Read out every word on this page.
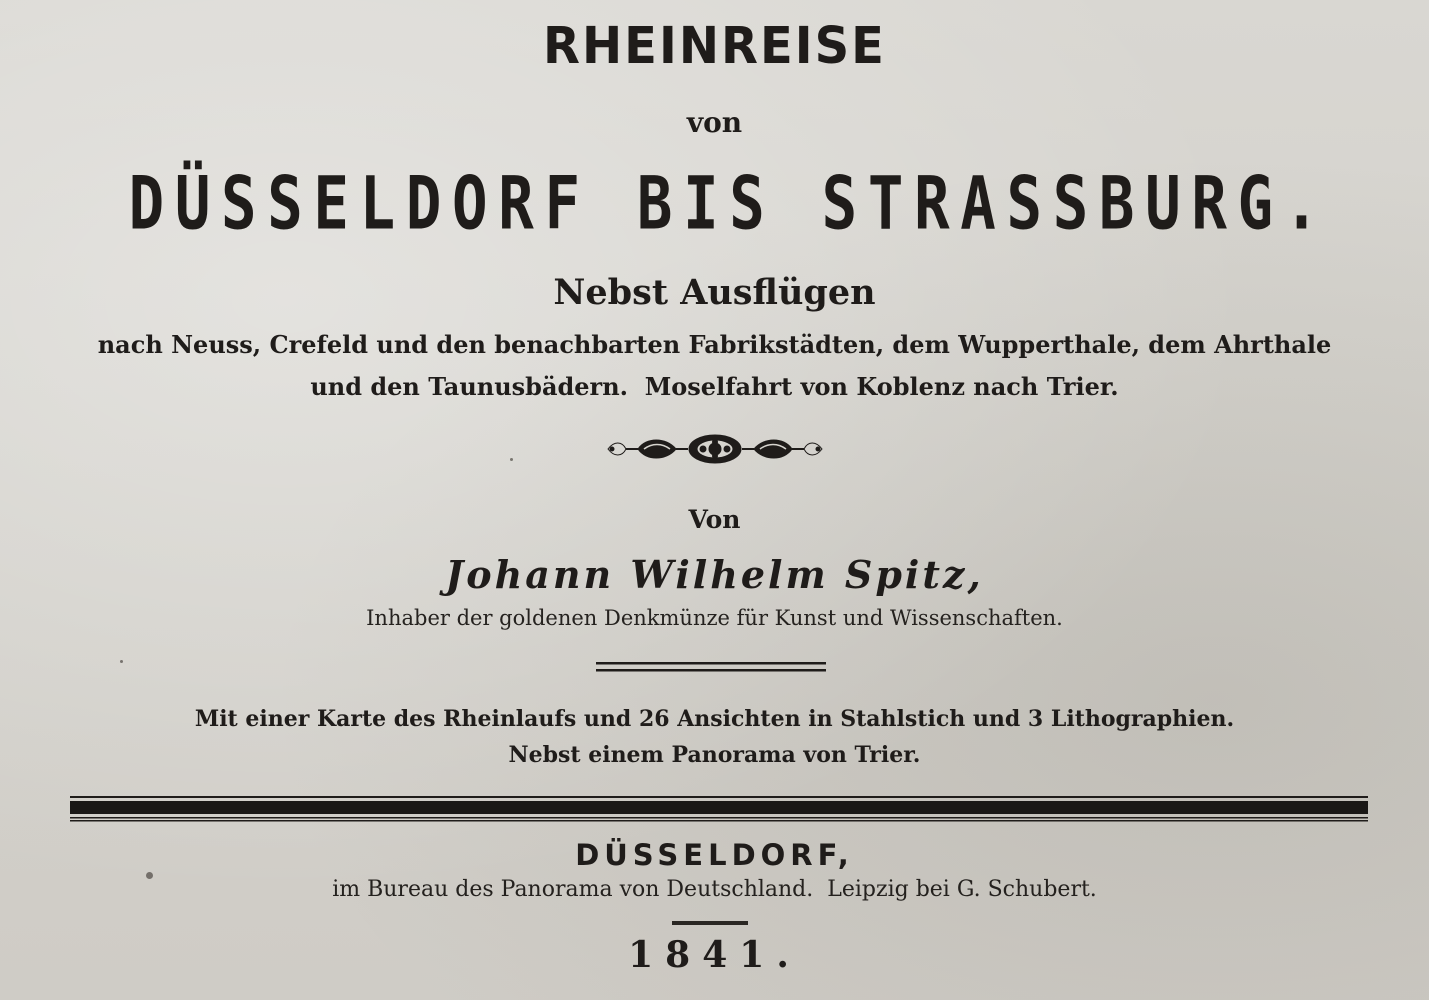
RHEINREISE
von
DÜSSELDORF BIS STRASSBURG.
Nebst Ausflügen
nach Neuss, Crefeld und den benachbarten Fabrikstädten, dem Wupperthale, dem Ahrthale
und den Taunusbädern.  Moselfahrt von Koblenz nach Trier.
Von
Johann Wilhelm Spitz,
Inhaber der goldenen Denkmünze für Kunst und Wissenschaften.
Mit einer Karte des Rheinlaufs und 26 Ansichten in Stahlstich und 3 Lithographien.
Nebst einem Panorama von Trier.
DÜSSELDORF,
im Bureau des Panorama von Deutschland.  Leipzig bei G. Schubert.
1841.
